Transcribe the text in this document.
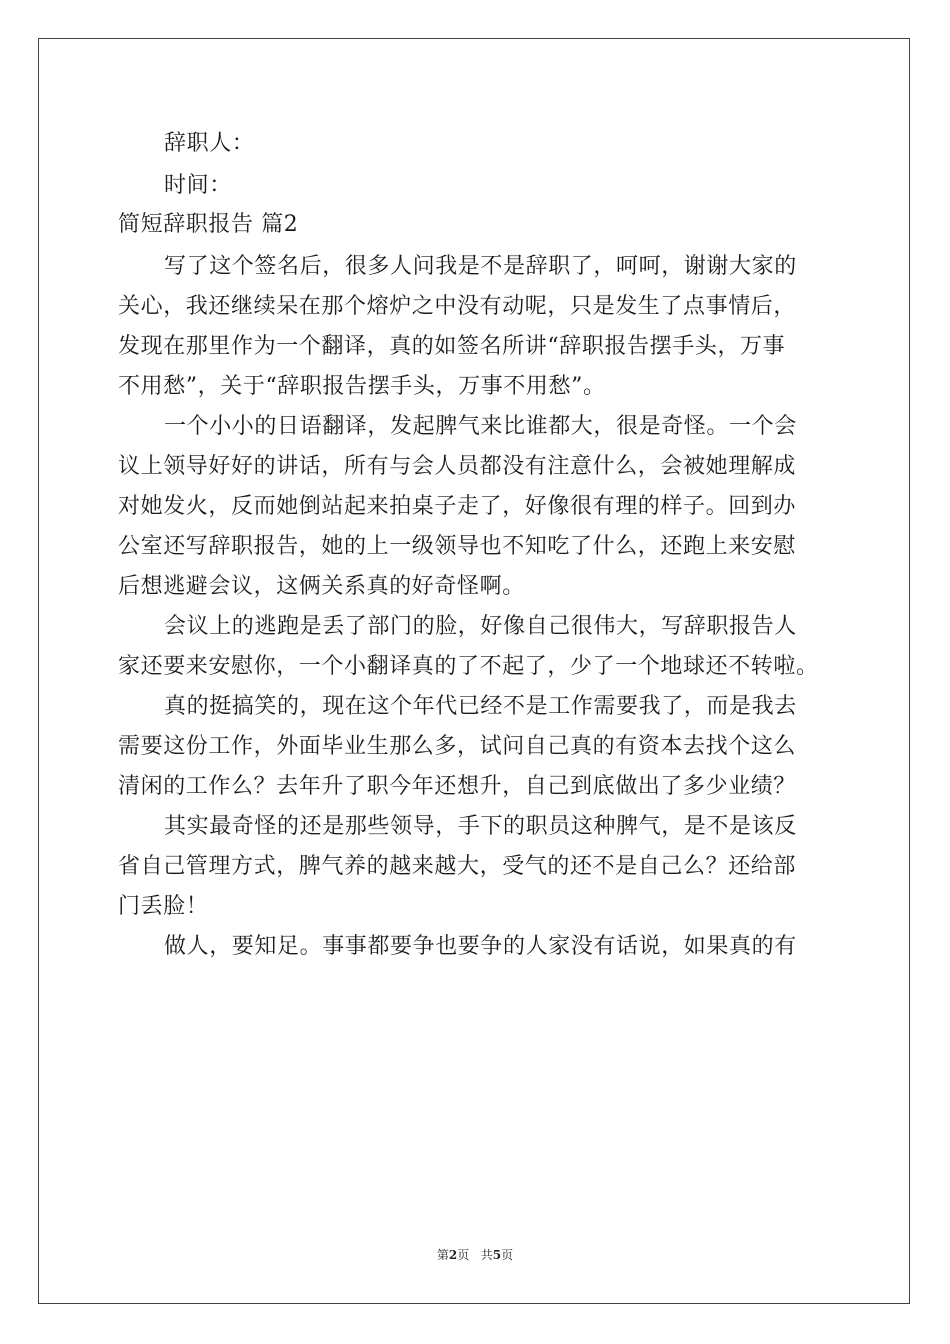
辞职人：
时间：
简短辞职报告 篇2
写了这个签名后，很多人问我是不是辞职了，呵呵，谢谢大家的
关心，我还继续呆在那个熔炉之中没有动呢，只是发生了点事情后，
发现在那里作为一个翻译，真的如签名所讲“辞职报告摆手头，万事
不用愁”，关于“辞职报告摆手头，万事不用愁”。
一个小小的日语翻译，发起脾气来比谁都大，很是奇怪。一个会
议上领导好好的讲话，所有与会人员都没有注意什么，会被她理解成
对她发火，反而她倒站起来拍桌子走了，好像很有理的样子。回到办
公室还写辞职报告，她的上一级领导也不知吃了什么，还跑上来安慰
后想逃避会议，这俩关系真的好奇怪啊。
会议上的逃跑是丢了部门的脸，好像自己很伟大，写辞职报告人
家还要来安慰你，一个小翻译真的了不起了，少了一个地球还不转啦。
真的挺搞笑的，现在这个年代已经不是工作需要我了，而是我去
需要这份工作，外面毕业生那么多，试问自己真的有资本去找个这么
清闲的工作么？去年升了职今年还想升，自己到底做出了多少业绩？
其实最奇怪的还是那些领导，手下的职员这种脾气，是不是该反
省自己管理方式，脾气养的越来越大，受气的还不是自己么？还给部
门丢脸！
做人，要知足。事事都要争也要争的人家没有话说，如果真的有
第2页 共5页
